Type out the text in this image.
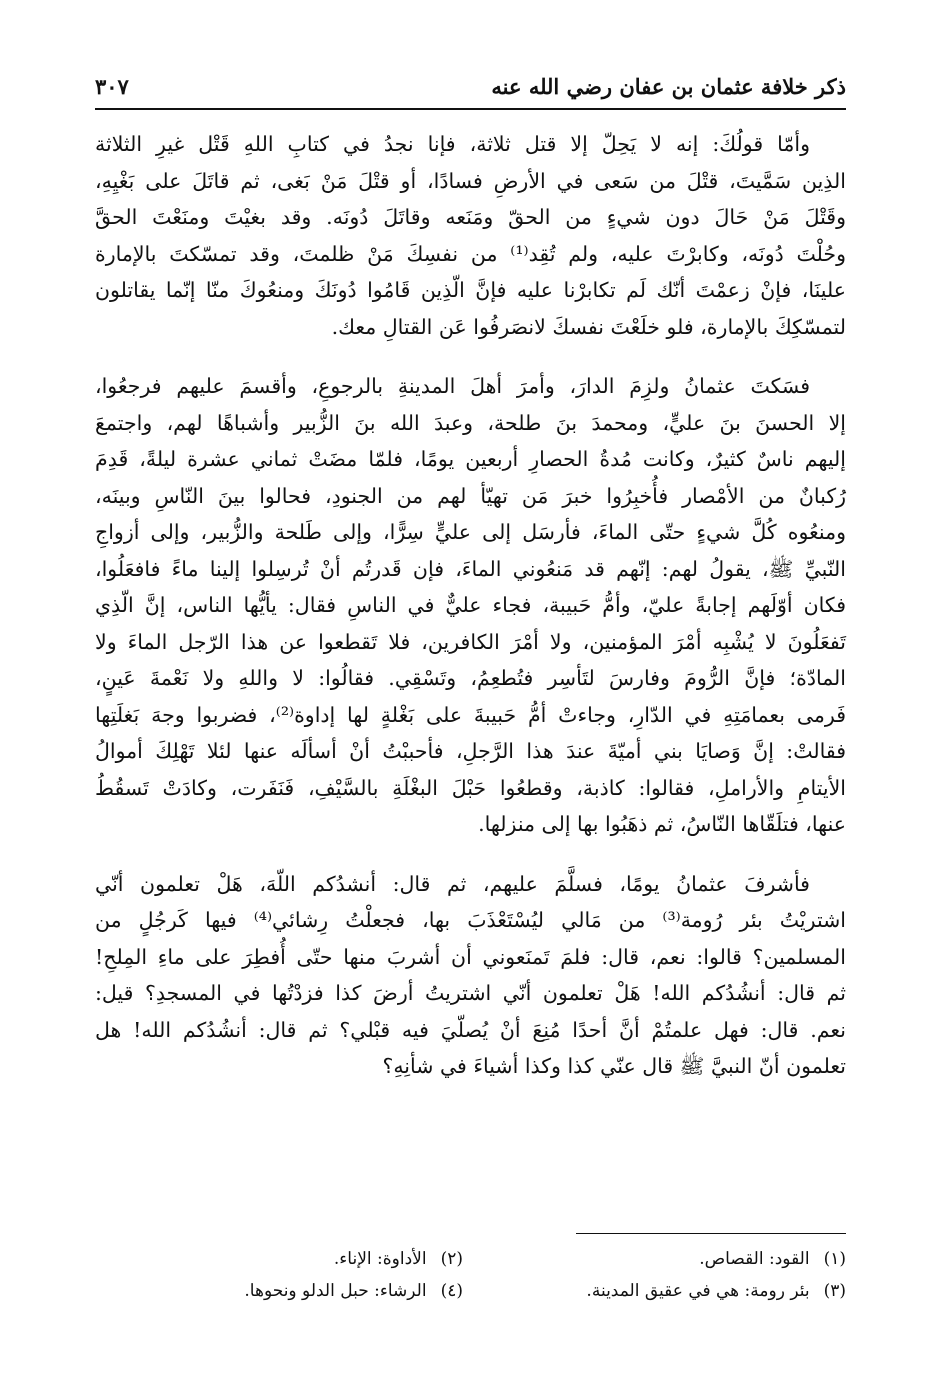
ذكر خلافة عثمان بن عفان رضي الله عنه
٣٠٧
وأمّا قولُكَ: إنه لا يَحِلّ إلا قتل ثلاثة، فإنا نجدُ في كتابِ اللهِ قَتْل غيرِ الثلاثة
الذِين سَمَّيتَ، قتْلَ من سَعى في الأرضِ فسادًا، أو قتْلَ مَنْ بَغى، ثم قاتَلَ على بَغْيِهِ،
وقَتْلَ مَنْ حَالَ دون شيءٍ من الحقّ ومَنَعه وقاتَلَ دُونَه. وقد بغيْتَ ومنَعْتَ الحقَّ
وحُلْتَ دُونَه، وكابرْتَ عليه، ولم تُقِد⁽¹⁾ من نفسِكَ مَنْ ظلمتَ، وقد تمسّكتَ بالإمارة
علينَا، فإنْ زعمْتَ أنّك لَم تكابرْنا عليه فإنَّ الّذِين قَامُوا دُونَكَ ومنعُوكَ منّا إنّما يقاتلون
لتمسّكِكَ بالإمارة، فلو خلَعْتَ نفسكَ لانصَرفُوا عَن القتالِ معك.
فسَكتَ عثمانُ ولزِمَ الدارَ، وأمرَ أهلَ المدينةِ بالرجوعِ، وأقسمَ عليهم فرجعُوا،
إلا الحسنَ بنَ عليٍّ، ومحمدَ بنَ طلحة، وعبدَ الله بنَ الزُّبير وأشباهًا لهم، واجتمعَ
إليهم ناسٌ كثيرٌ، وكانت مُدةُ الحصارِ أربعين يومًا، فلمّا مضَتْ ثماني عشرة ليلةً، قَدِمَ
رُكبانٌ من الأمْصار فأُخبِرُوا خبرَ مَن تهيّأ لهم من الجنودِ، فحالوا بينَ النّاسِ وبينَه،
ومنعُوه كُلَّ شيءٍ حتّى الماءَ، فأرسَل إلى عليٍّ سِرًّا، وإلى طَلحة والزُّبير، وإلى أزواجِ
النّبيِّ ﷺ، يقولُ لهم: إنّهم قد مَنعُوني الماءَ، فإن قَدرتُم أنْ تُرسِلوا إلينا ماءً فافعَلُوا،
فكان أوّلَهم إجابةً عليّ، وأمُّ حَبيبة، فجاء عليٌّ في الناسِ فقال: يأيُّها الناس، إنَّ الّذِي
تَفعَلُونَ لا يُشْبِه أمْرَ المؤمنين، ولا أمْرَ الكافرين، فلا تَقطعوا عن هذا الرّجل الماءَ ولا
المادّة؛ فإنَّ الرُّومَ وفارسَ لتَأسِر فتُطعِمُ، وتَسْقِي. فقالُوا: لا واللهِ ولا نَعْمةَ عَينٍ،
فَرمى بعمامَتِهِ في الدّارِ، وجاءتْ أمُّ حَبيبةَ على بَغْلةٍ لها إداوة⁽²⁾، فضربوا وجهَ بَغلَتِها
فقالتْ: إنَّ وَصايَا بني أميّةَ عندَ هذا الرَّجلِ، فأحببْتُ أنْ أسألَه عنها لئلا تَهْلِكَ أموالُ
الأيتامِ والأراملِ، فقالوا: كاذبة، وقطعُوا حَبْلَ البغْلَةِ بالسَّيْفِ، فَنَفَرت، وكادَتْ تَسقُطُ
عنها، فتلَقّاها النّاسُ، ثم ذهَبُوا بها إلى منزلها.
فأشرفَ عثمانُ يومًا، فسلَّمَ عليهم، ثم قال: أنشدُكم اللّهَ، هَلْ تعلمون أنّي
اشتريْتُ بئر رُومة⁽³⁾ من مَالي ليُسْتَعْذَبَ بها، فجعلْتُ رِشائي⁽⁴⁾ فيها كَرجُلٍ من
المسلمين؟ قالوا: نعم، قال: فلمَ تَمنَعوني أن أشربَ منها حتّى أُفطِرَ على ماءِ المِلحِ!
ثم قال: أنشُدُكم الله! هَلْ تعلمون أنّي اشتريتُ أرضَ كذا فزدْتُها في المسجدِ؟ قيل:
نعم. قال: فهل علمتُمْ أنَّ أحدًا مُنِعَ أنْ يُصلّيَ فيه قبْلي؟ ثم قال: أنشُدُكم الله! هل
تعلمون أنّ النبيَّ ﷺ قال عنّي كذا وكذا أشياءَ في شأنِهِ؟
(١)القود: القصاص.
(٢)الأداوة: الإناء.
(٣)بئر رومة: هي في عقيق المدينة.
(٤)الرشاء: حبل الدلو ونحوها.
